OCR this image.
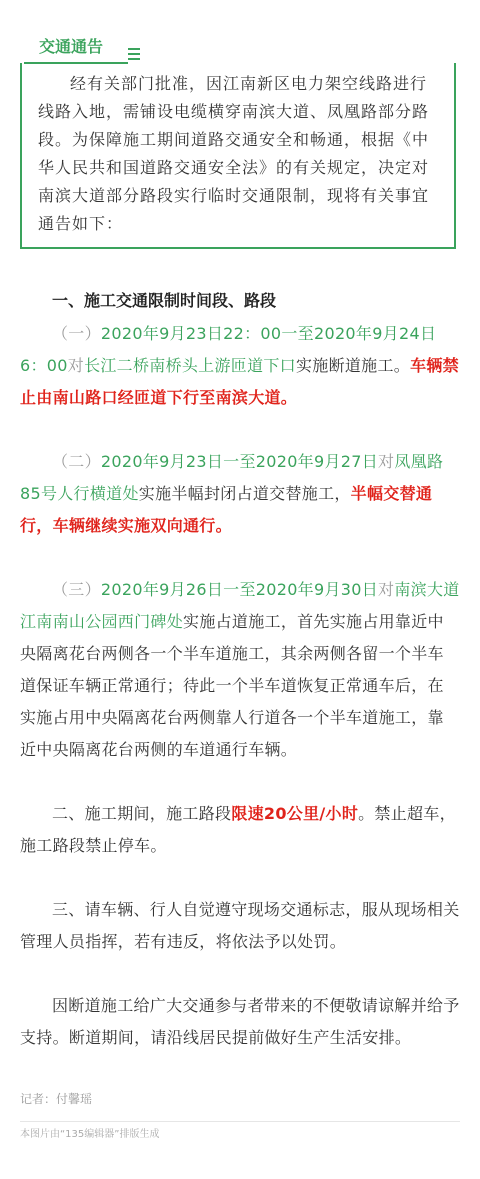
交通通告

经有关部门批准，因江南新区电力架空线路进行线路入地，需铺设电缆横穿南滨大道、凤凰路部分路段。为保障施工期间道路交通安全和畅通，根据《中华人民共和国道路交通安全法》的有关规定，决定对南滨大道部分路段实行临时交通限制，现将有关事宜通告如下：

一、施工交通限制时间段、路段

（一）2020年9月23日22：00一至2020年9月24日6：00对长江二桥南桥头上游匝道下口实施断道施工。车辆禁止由南山路口经匝道下行至南滨大道。

（二）2020年9月23日一至2020年9月27日对凤凰路85号人行横道处实施半幅封闭占道交替施工，半幅交替通行，车辆继续实施双向通行。

（三）2020年9月26日一至2020年9月30日对南滨大道江南南山公园西门碑处实施占道施工，首先实施占用靠近中央隔离花台两侧各一个半车道施工，其余两侧各留一个半车道保证车辆正常通行；待此一个半车道恢复正常通车后，在实施占用中央隔离花台两侧靠人行道各一个半车道施工，靠近中央隔离花台两侧的车道通行车辆。

二、施工期间，施工路段限速20公里/小时。禁止超车，施工路段禁止停车。

三、请车辆、行人自觉遵守现场交通标志，服从现场相关管理人员指挥，若有违反，将依法予以处罚。

因断道施工给广大交通参与者带来的不便敬请谅解并给予支持。断道期间，请沿线居民提前做好生产生活安排。

记者：付馨瑶

本图片由“135编辑器”排版生成
